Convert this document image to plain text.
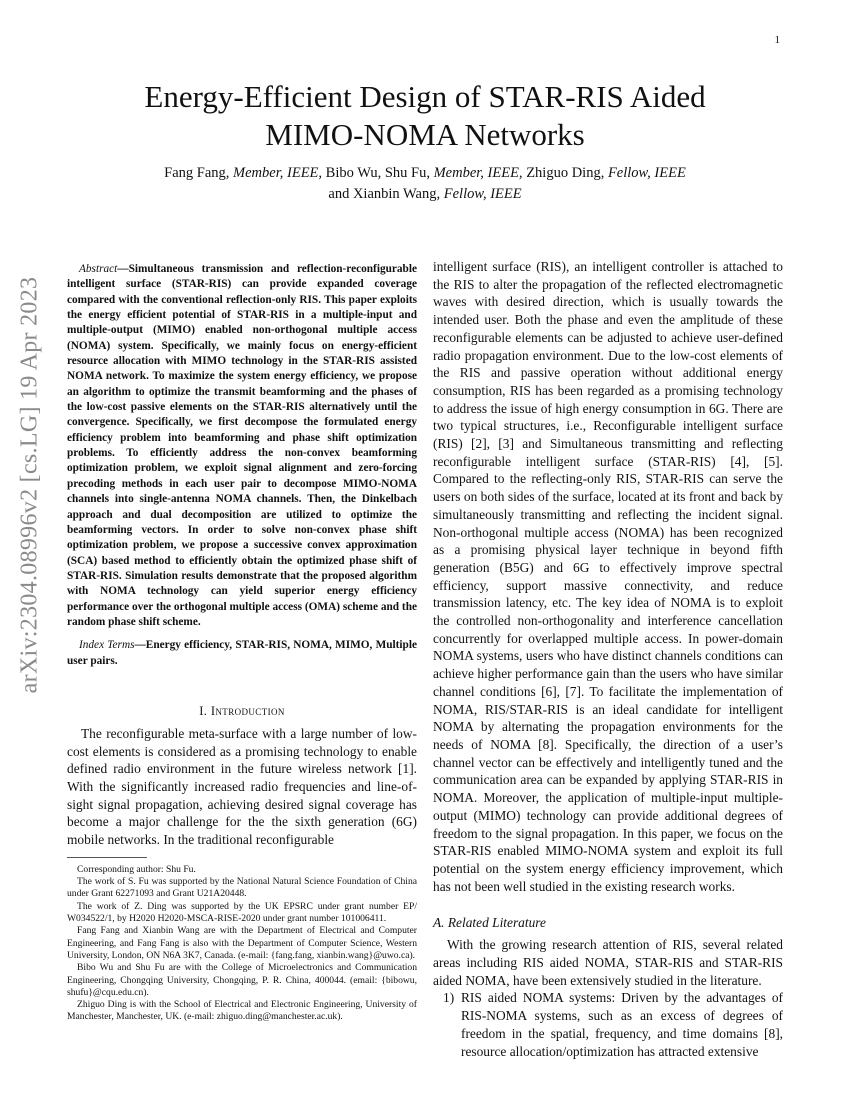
1
arXiv:2304.08996v2 [cs.LG] 19 Apr 2023
Energy-Efficient Design of STAR-RIS Aided
MIMO-NOMA Networks
Fang Fang, Member, IEEE, Bibo Wu, Shu Fu, Member, IEEE, Zhiguo Ding, Fellow, IEEE
and Xianbin Wang, Fellow, IEEE

Abstract—Simultaneous transmission and reflection-reconfigurable intelligent surface (STAR-RIS) can provide expanded coverage compared with the conventional reflection-only RIS. This paper exploits the energy efficient potential of STAR-RIS in a multiple-input and multiple-output (MIMO) enabled non-orthogonal multiple access (NOMA) system. Specifically, we mainly focus on energy-efficient resource allocation with MIMO technology in the STAR-RIS assisted NOMA network. To maximize the system energy efficiency, we propose an algorithm to optimize the transmit beamforming and the phases of the low-cost passive elements on the STAR-RIS alternatively until the convergence. Specifically, we first decompose the formulated energy efficiency problem into beamforming and phase shift optimization problems. To efficiently address the non-convex beamforming optimization problem, we exploit signal alignment and zero-forcing precoding methods in each user pair to decompose MIMO-NOMA channels into single-antenna NOMA channels. Then, the Dinkelbach approach and dual decomposition are utilized to optimize the beamforming vectors. In order to solve non-convex phase shift optimization problem, we propose a successive convex approximation (SCA) based method to efficiently obtain the optimized phase shift of STAR-RIS. Simulation results demonstrate that the proposed algorithm with NOMA technology can yield superior energy efficiency performance over the orthogonal multiple access (OMA) scheme and the random phase shift scheme.

Index Terms—Energy efficiency, STAR-RIS, NOMA, MIMO, Multiple user pairs.

I. Introduction

The reconfigurable meta-surface with a large number of low-cost elements is considered as a promising technology to enable defined radio environment in the future wireless network [1]. With the significantly increased radio frequencies and line-of-sight signal propagation, achieving desired signal coverage has become a major challenge for the the sixth generation (6G) mobile networks. In the traditional reconfigurable

Corresponding author: Shu Fu.

The work of S. Fu was supported by the National Natural Science Foundation of China under Grant 62271093 and Grant U21A20448.

The work of Z. Ding was supported by the UK EPSRC under grant number EP/ W034522/1, by H2020 H2020-MSCA-RISE-2020 under grant number 101006411.

Fang Fang and Xianbin Wang are with the Department of Electrical and Computer Engineering, and Fang Fang is also with the Department of Computer Science, Western University, London, ON N6A 3K7, Canada. (e-mail: {fang.fang, xianbin.wang}@uwo.ca).

Bibo Wu and Shu Fu are with the College of Microelectronics and Communication Engineering, Chongqing University, Chongqing, P. R. China, 400044. (email: {bibowu, shufu}@cqu.edu.cn).

Zhiguo Ding is with the School of Electrical and Electronic Engineering, University of Manchester, Manchester, UK. (e-mail: zhiguo.ding@manchester.ac.uk).

intelligent surface (RIS), an intelligent controller is attached to the RIS to alter the propagation of the reflected electromagnetic waves with desired direction, which is usually towards the intended user. Both the phase and even the amplitude of these reconfigurable elements can be adjusted to achieve user-defined radio propagation environment. Due to the low-cost elements of the RIS and passive operation without additional energy consumption, RIS has been regarded as a promising technology to address the issue of high energy consumption in 6G. There are two typical structures, i.e., Reconfigurable intelligent surface (RIS) [2], [3] and Simultaneous transmitting and reflecting reconfigurable intelligent surface (STAR-RIS) [4], [5]. Compared to the reflecting-only RIS, STAR-RIS can serve the users on both sides of the surface, located at its front and back by simultaneously transmitting and reflecting the incident signal. Non-orthogonal multiple access (NOMA) has been recognized as a promising physical layer technique in beyond fifth generation (B5G) and 6G to effectively improve spectral efficiency, support massive connectivity, and reduce transmission latency, etc. The key idea of NOMA is to exploit the controlled non-orthogonality and interference cancellation concurrently for overlapped multiple access. In power-domain NOMA systems, users who have distinct channels conditions can achieve higher performance gain than the users who have similar channel conditions [6], [7]. To facilitate the implementation of NOMA, RIS/STAR-RIS is an ideal candidate for intelligent NOMA by alternating the propagation environments for the needs of NOMA [8]. Specifically, the direction of a user’s channel vector can be effectively and intelligently tuned and the communication area can be expanded by applying STAR-RIS in NOMA. Moreover, the application of multiple-input multiple-output (MIMO) technology can provide additional degrees of freedom to the signal propagation. In this paper, we focus on the STAR-RIS enabled MIMO-NOMA system and exploit its full potential on the system energy efficiency improvement, which has not been well studied in the existing research works.

A. Related Literature

With the growing research attention of RIS, several related areas including RIS aided NOMA, STAR-RIS and STAR-RIS aided NOMA, have been extensively studied in the literature.

1) RIS aided NOMA systems: Driven by the advantages of RIS-NOMA systems, such as an excess of degrees of freedom in the spatial, frequency, and time domains [8], resource allocation/optimization has attracted extensive
